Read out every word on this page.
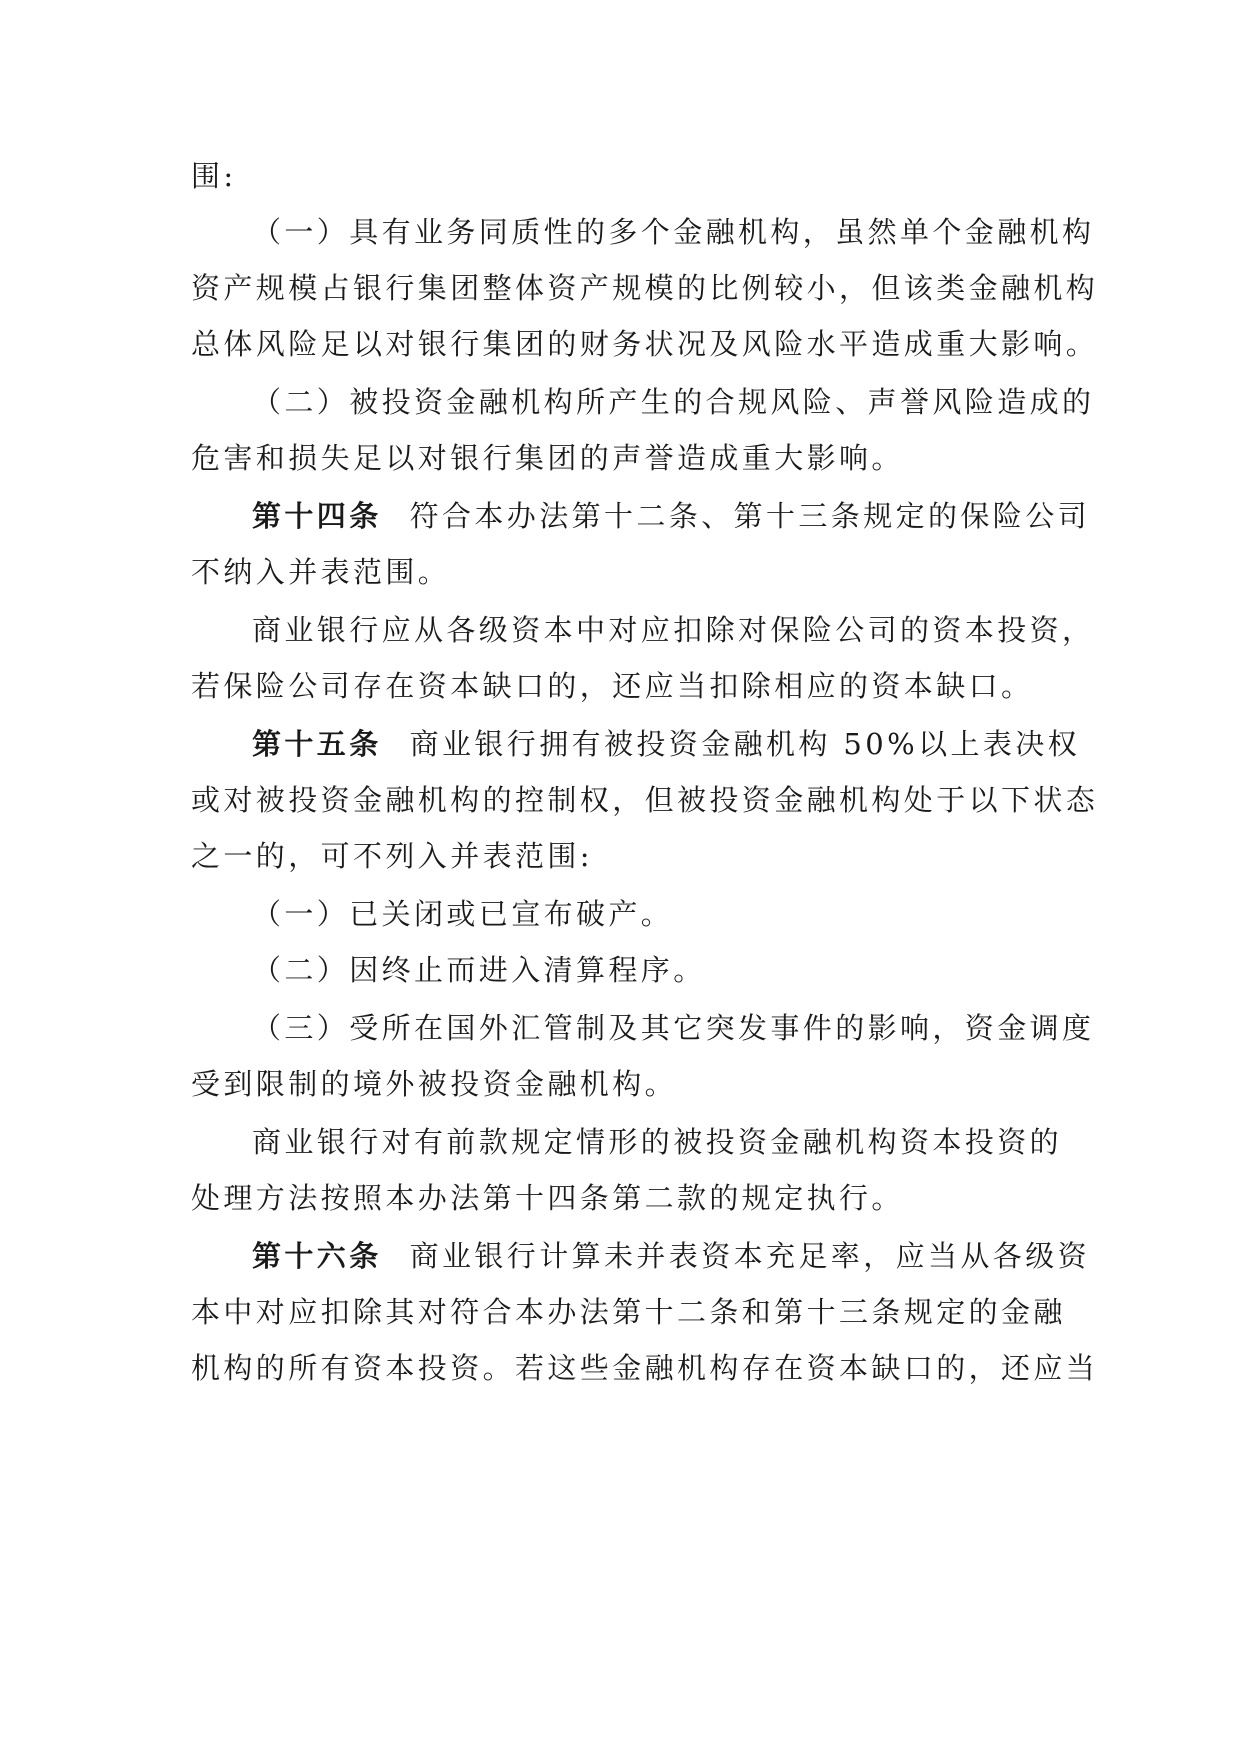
围:
（一）具有业务同质性的多个金融机构，虽然单个金融机构
资产规模占银行集团整体资产规模的比例较小，但该类金融机构
总体风险足以对银行集团的财务状况及风险水平造成重大影响。
（二）被投资金融机构所产生的合规风险、声誉风险造成的
危害和损失足以对银行集团的声誉造成重大影响。
第十四条 符合本办法第十二条、第十三条规定的保险公司
不纳入并表范围。
商业银行应从各级资本中对应扣除对保险公司的资本投资，
若保险公司存在资本缺口的，还应当扣除相应的资本缺口。
第十五条 商业银行拥有被投资金融机构 50%以上表决权
或对被投资金融机构的控制权，但被投资金融机构处于以下状态
之一的，可不列入并表范围:
（一）已关闭或已宣布破产。
（二）因终止而进入清算程序。
（三）受所在国外汇管制及其它突发事件的影响，资金调度
受到限制的境外被投资金融机构。
商业银行对有前款规定情形的被投资金融机构资本投资的
处理方法按照本办法第十四条第二款的规定执行。
第十六条 商业银行计算未并表资本充足率，应当从各级资
本中对应扣除其对符合本办法第十二条和第十三条规定的金融
机构的所有资本投资。若这些金融机构存在资本缺口的，还应当
